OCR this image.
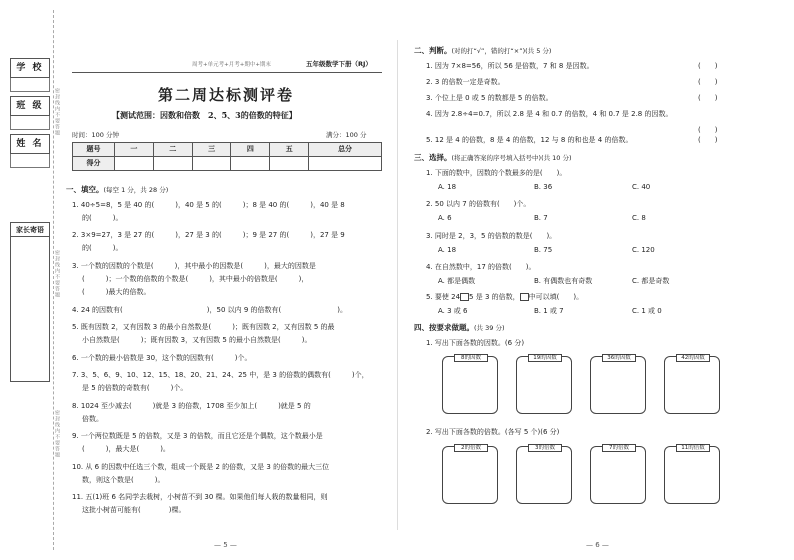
学 校
班 级
姓 名
家长寄语
密封线内不要答题
密封线内不要答题
密封线内不要答题
周考+单元考+月考+期中+期末	五年级数学下册（RJ）
第二周达标测评卷
【测试范围：因数和倍数　2、5、3的倍数的特征】
时间：100 分钟	满分：100 分
题号	一	二	三	四	五	总分
得分						
一、填空。(每空 1 分，共 28 分)
1. 40÷5=8，5 是 40 的(　　　)，40 是 5 的(　　　)；8 是 40 的(　　　)，40 是 8
的(　　　)。
2. 3×9=27，3 是 27 的(　　　)，27 是 3 的(　　　)；9 是 27 的(　　　)，27 是 9
的(　　　)。
3. 一个数的因数的个数是(　　　)，其中最小的因数是(　　　)，最大的因数是
(　　　)；一个数的倍数的个数是(　　　)，其中最小的倍数是(　　　)，
(　　　)最大的倍数。
4. 24 的因数有(　　　　　　　　　　　　)，50 以内 9 的倍数有(　　　　　　　　)。
5. 既有因数 2，又有因数 3 的最小自然数是(　　　)；既有因数 2，又有因数 5 的最
小自然数是(　　　)；既有因数 3，又有因数 5 的最小自然数是(　　　)。
6. 一个数的最小倍数是 30，这个数的因数有(　　　)个。
7. 3、5、6、9、10、12、15、18、20、21、24、25 中，是 3 的倍数的偶数有(　　　)个，
是 5 的倍数的奇数有(　　　)个。
8. 1024 至少减去(　　　)就是 3 的倍数，1708 至少加上(　　　)就是 5 的
倍数。
9. 一个两位数既是 5 的倍数，又是 3 的倍数，而且它还是个偶数，这个数最小是
(　　　)，最大是(　　　)。
10. 从 6 的因数中任选三个数，组成一个既是 2 的倍数，又是 3 的倍数的最大三位
数，则这个数是(　　　)。
11. 五(1)班 6 名同学去栽树，小树苗不到 30 棵。如果他们每人栽的数量相同，则
这批小树苗可能有(　　　　)棵。
— 5 —
二、判断。(对的打“√”，错的打“×”)(共 5 分)
1. 因为 7×8=56，所以 56 是倍数，7 和 8 是因数。	(　　)
2. 3 的倍数一定是奇数。	(　　)
3. 个位上是 0 或 5 的数都是 5 的倍数。	(　　)
4. 因为 2.8÷4=0.7，所以 2.8 是 4 和 0.7 的倍数，4 和 0.7 是 2.8 的因数。
(　　)
5. 12 是 4 的倍数，8 是 4 的倍数，12 与 8 的和也是 4 的倍数。	(　　)
三、选择。(将正确答案的序号填入括号中)(共 10 分)
1. 下面的数中，因数的个数最多的是(　　)。
A. 18	B. 36	C. 40
2. 50 以内 7 的倍数有(　　)个。
A. 6	B. 7	C. 8
3. 同时是 2，3，5 的倍数的数是(　　)。
A. 18	B. 75	C. 120
4. 在自然数中，17 的倍数(　　)。
A. 都是偶数	B. 有偶数也有奇数	C. 都是奇数
5. 要使 24 5 是 3 的倍数， 中可以填(　　)。
A. 3 或 6	B. 1 或 7	C. 1 或 0
四、按要求做题。(共 39 分)
1. 写出下面各数的因数。(6 分)
8的因数	19的因数	36的因数	42的因数
2. 写出下面各数的倍数。(各写 5 个)(6 分)
2的倍数	3的倍数	7的倍数	11的倍数
— 6 —
